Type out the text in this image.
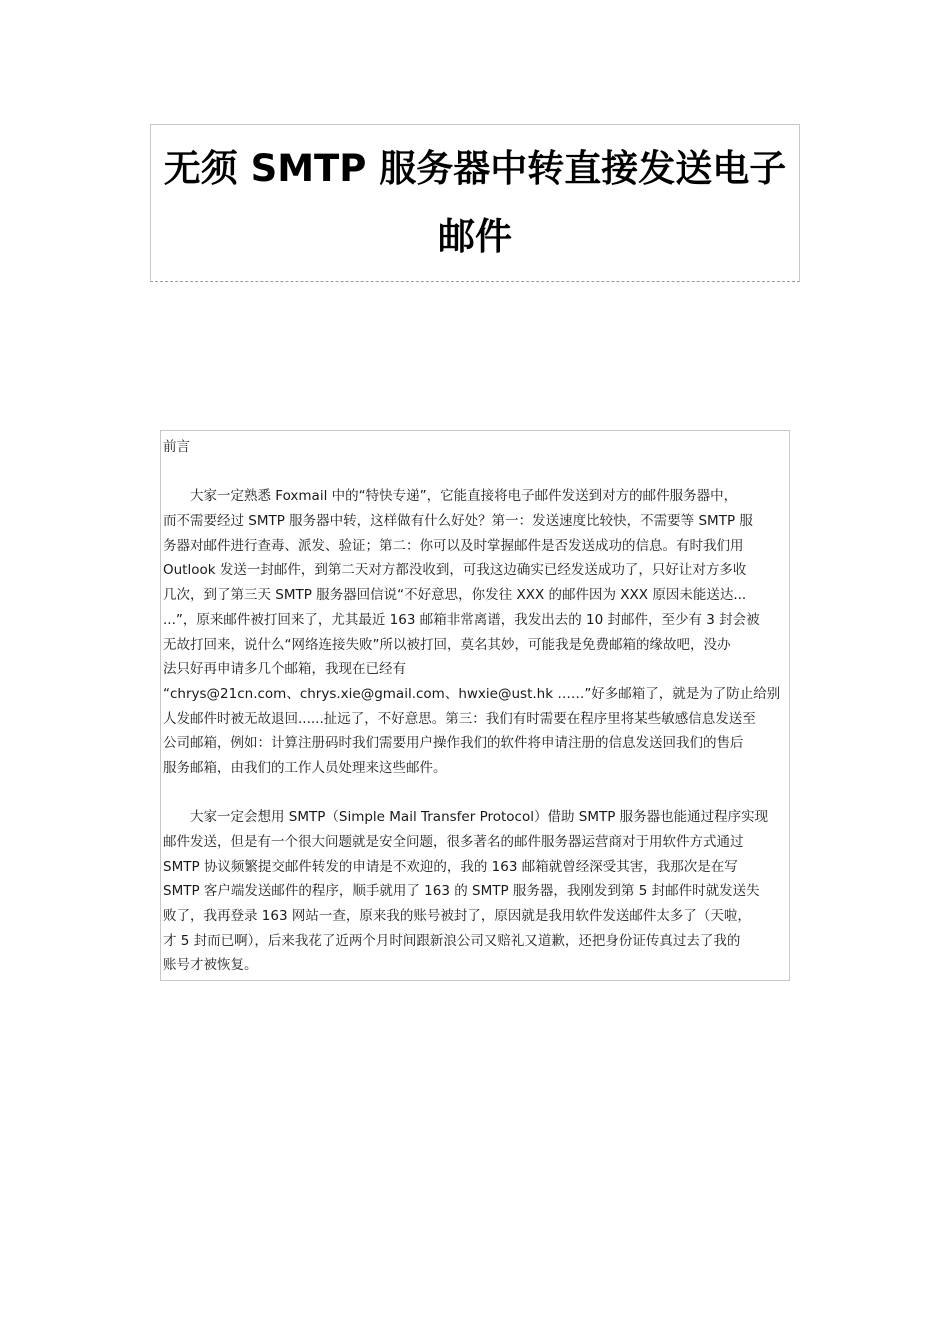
无须 SMTP 服务器中转直接发送电子
邮件
前言
大家一定熟悉 Foxmail 中的“特快专递”，它能直接将电子邮件发送到对方的邮件服务器中，
而不需要经过 SMTP 服务器中转，这样做有什么好处？第一：发送速度比较快，不需要等 SMTP 服
务器对邮件进行查毒、派发、验证；第二：你可以及时掌握邮件是否发送成功的信息。有时我们用
Outlook 发送一封邮件，到第二天对方都没收到，可我这边确实已经发送成功了，只好让对方多收
几次，到了第三天 SMTP 服务器回信说“不好意思，你发往 XXX 的邮件因为 XXX 原因未能送达...
...”，原来邮件被打回来了，尤其最近 163 邮箱非常离谱，我发出去的 10 封邮件，至少有 3 封会被
无故打回来，说什么“网络连接失败”所以被打回，莫名其妙，可能我是免费邮箱的缘故吧，没办
法只好再申请多几个邮箱，我现在已经有
“chrys@21cn.com、chrys.xie@gmail.com、hwxie@ust.hk ……”好多邮箱了，就是为了防止给别
人发邮件时被无故退回......扯远了，不好意思。第三：我们有时需要在程序里将某些敏感信息发送至
公司邮箱，例如：计算注册码时我们需要用户操作我们的软件将申请注册的信息发送回我们的售后
服务邮箱，由我们的工作人员处理来这些邮件。
大家一定会想用 SMTP（Simple Mail Transfer Protocol）借助 SMTP 服务器也能通过程序实现
邮件发送，但是有一个很大问题就是安全问题，很多著名的邮件服务器运营商对于用软件方式通过
SMTP 协议频繁提交邮件转发的申请是不欢迎的，我的 163 邮箱就曾经深受其害，我那次是在写
SMTP 客户端发送邮件的程序，顺手就用了 163 的 SMTP 服务器，我刚发到第 5 封邮件时就发送失
败了，我再登录 163 网站一查，原来我的账号被封了，原因就是我用软件发送邮件太多了（天啦，
才 5 封而已啊），后来我花了近两个月时间跟新浪公司又赔礼又道歉，还把身份证传真过去了我的
账号才被恢复。
